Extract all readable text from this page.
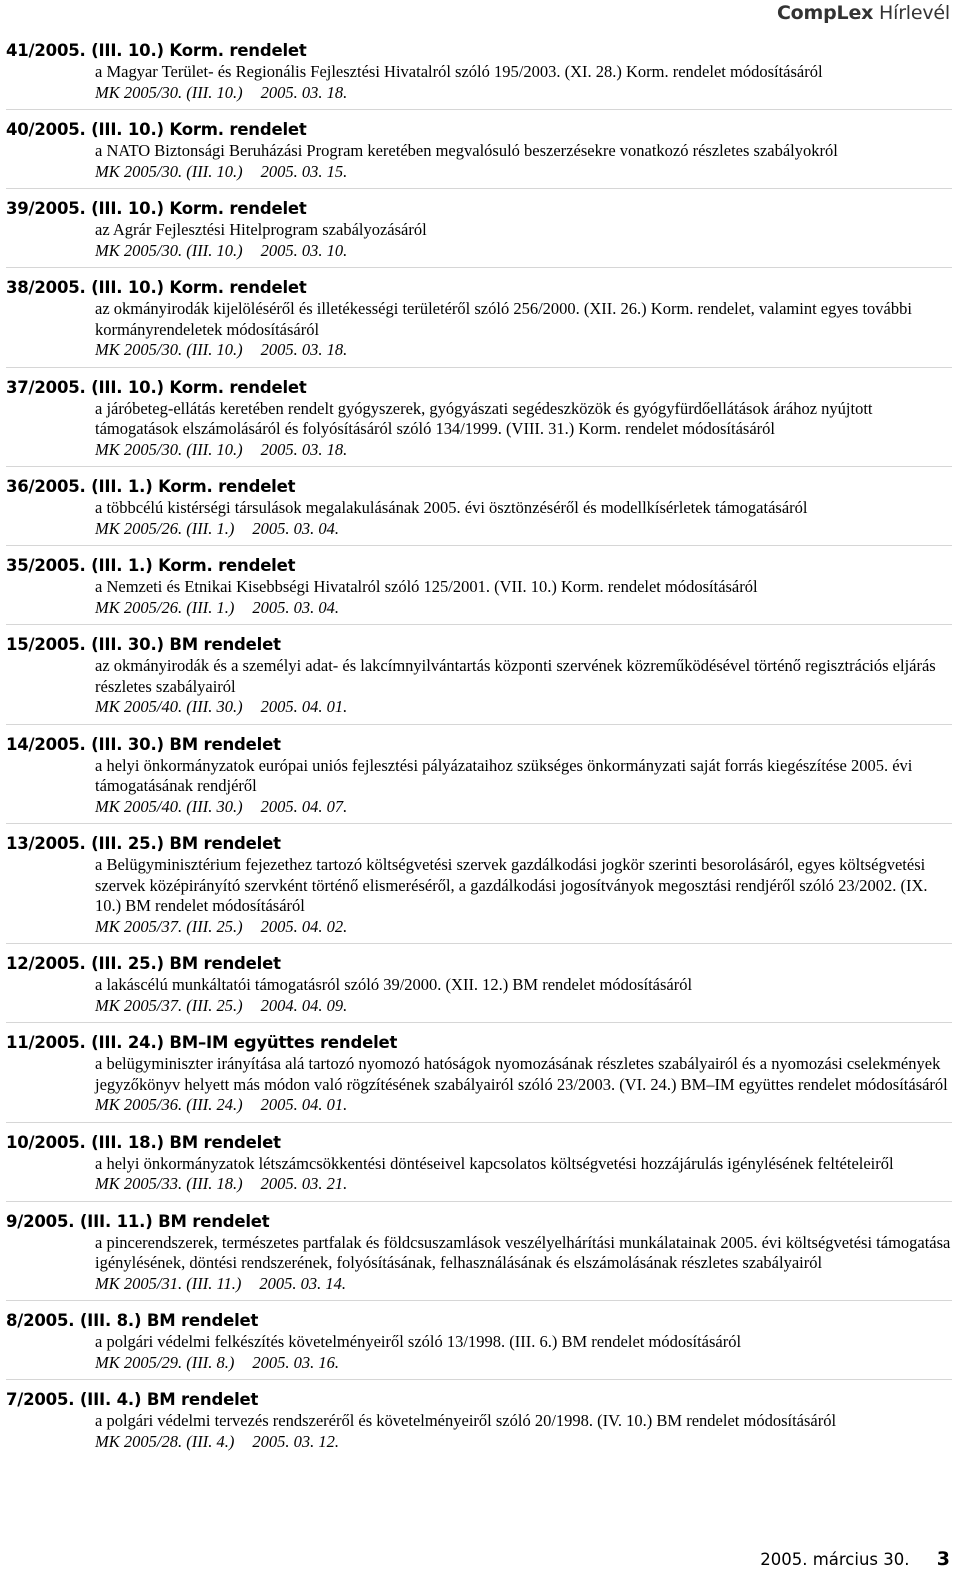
CompLex Hírlevél
41/2005. (III. 10.) Korm. rendelet
a Magyar Terület- és Regionális Fejlesztési Hivatalról szóló 195/2003. (XI. 28.) Korm. rendelet módosításáról
MK 2005/30. (III. 10.) 2005. 03. 18.
40/2005. (III. 10.) Korm. rendelet
a NATO Biztonsági Beruházási Program keretében megvalósuló beszerzésekre vonatkozó részletes szabályokról
MK 2005/30. (III. 10.) 2005. 03. 15.
39/2005. (III. 10.) Korm. rendelet
az Agrár Fejlesztési Hitelprogram szabályozásáról
MK 2005/30. (III. 10.) 2005. 03. 10.
38/2005. (III. 10.) Korm. rendelet
az okmányirodák kijelöléséről és illetékességi területéről szóló 256/2000. (XII. 26.) Korm. rendelet, valamint egyes további kormányrendeletek módosításáról
MK 2005/30. (III. 10.) 2005. 03. 18.
37/2005. (III. 10.) Korm. rendelet
a járóbeteg-ellátás keretében rendelt gyógyszerek, gyógyászati segédeszközök és gyógyfürdőellátások árához nyújtott támogatások elszámolásáról és folyósításáról szóló 134/1999. (VIII. 31.) Korm. rendelet módosításáról
MK 2005/30. (III. 10.) 2005. 03. 18.
36/2005. (III. 1.) Korm. rendelet
a többcélú kistérségi társulások megalakulásának 2005. évi ösztönzéséről és modellkísérletek támogatásáról
MK 2005/26. (III. 1.) 2005. 03. 04.
35/2005. (III. 1.) Korm. rendelet
a Nemzeti és Etnikai Kisebbségi Hivatalról szóló 125/2001. (VII. 10.) Korm. rendelet módosításáról
MK 2005/26. (III. 1.) 2005. 03. 04.
15/2005. (III. 30.) BM rendelet
az okmányirodák és a személyi adat- és lakcímnyilvántartás központi szervének közreműködésével történő regisztrációs eljárás részletes szabályairól
MK 2005/40. (III. 30.) 2005. 04. 01.
14/2005. (III. 30.) BM rendelet
a helyi önkormányzatok európai uniós fejlesztési pályázataihoz szükséges önkormányzati saját forrás kiegészítése 2005. évi támogatásának rendjéről
MK 2005/40. (III. 30.) 2005. 04. 07.
13/2005. (III. 25.) BM rendelet
a Belügyminisztérium fejezethez tartozó költségvetési szervek gazdálkodási jogkör szerinti besorolásáról, egyes költségvetési szervek középirányító szervként történő elismeréséről, a gazdálkodási jogosítványok megosztási rendjéről szóló 23/2002. (IX. 10.) BM rendelet módosításáról
MK 2005/37. (III. 25.) 2005. 04. 02.
12/2005. (III. 25.) BM rendelet
a lakáscélú munkáltatói támogatásról szóló 39/2000. (XII. 12.) BM rendelet módosításáról
MK 2005/37. (III. 25.) 2004. 04. 09.
11/2005. (III. 24.) BM–IM együttes rendelet
a belügyminiszter irányítása alá tartozó nyomozó hatóságok nyomozásának részletes szabályairól és a nyomozási cselekmények jegyzőkönyv helyett más módon való rögzítésének szabályairól szóló 23/2003. (VI. 24.) BM–IM együttes rendelet módosításáról
MK 2005/36. (III. 24.) 2005. 04. 01.
10/2005. (III. 18.) BM rendelet
a helyi önkormányzatok létszámcsökkentési döntéseivel kapcsolatos költségvetési hozzájárulás igénylésének feltételeiről
MK 2005/33. (III. 18.) 2005. 03. 21.
9/2005. (III. 11.) BM rendelet
a pincerendszerek, természetes partfalak és földcsuszamlások veszélyelhárítási munkálatainak 2005. évi költségvetési támogatása igénylésének, döntési rendszerének, folyósításának, felhasználásának és elszámolásának részletes szabályairól
MK 2005/31. (III. 11.) 2005. 03. 14.
8/2005. (III. 8.) BM rendelet
a polgári védelmi felkészítés követelményeiről szóló 13/1998. (III. 6.) BM rendelet módosításáról
MK 2005/29. (III. 8.) 2005. 03. 16.
7/2005. (III. 4.) BM rendelet
a polgári védelmi tervezés rendszeréről és követelményeiről szóló 20/1998. (IV. 10.) BM rendelet módosításáról
MK 2005/28. (III. 4.) 2005. 03. 12.
2005. március 30. 3
